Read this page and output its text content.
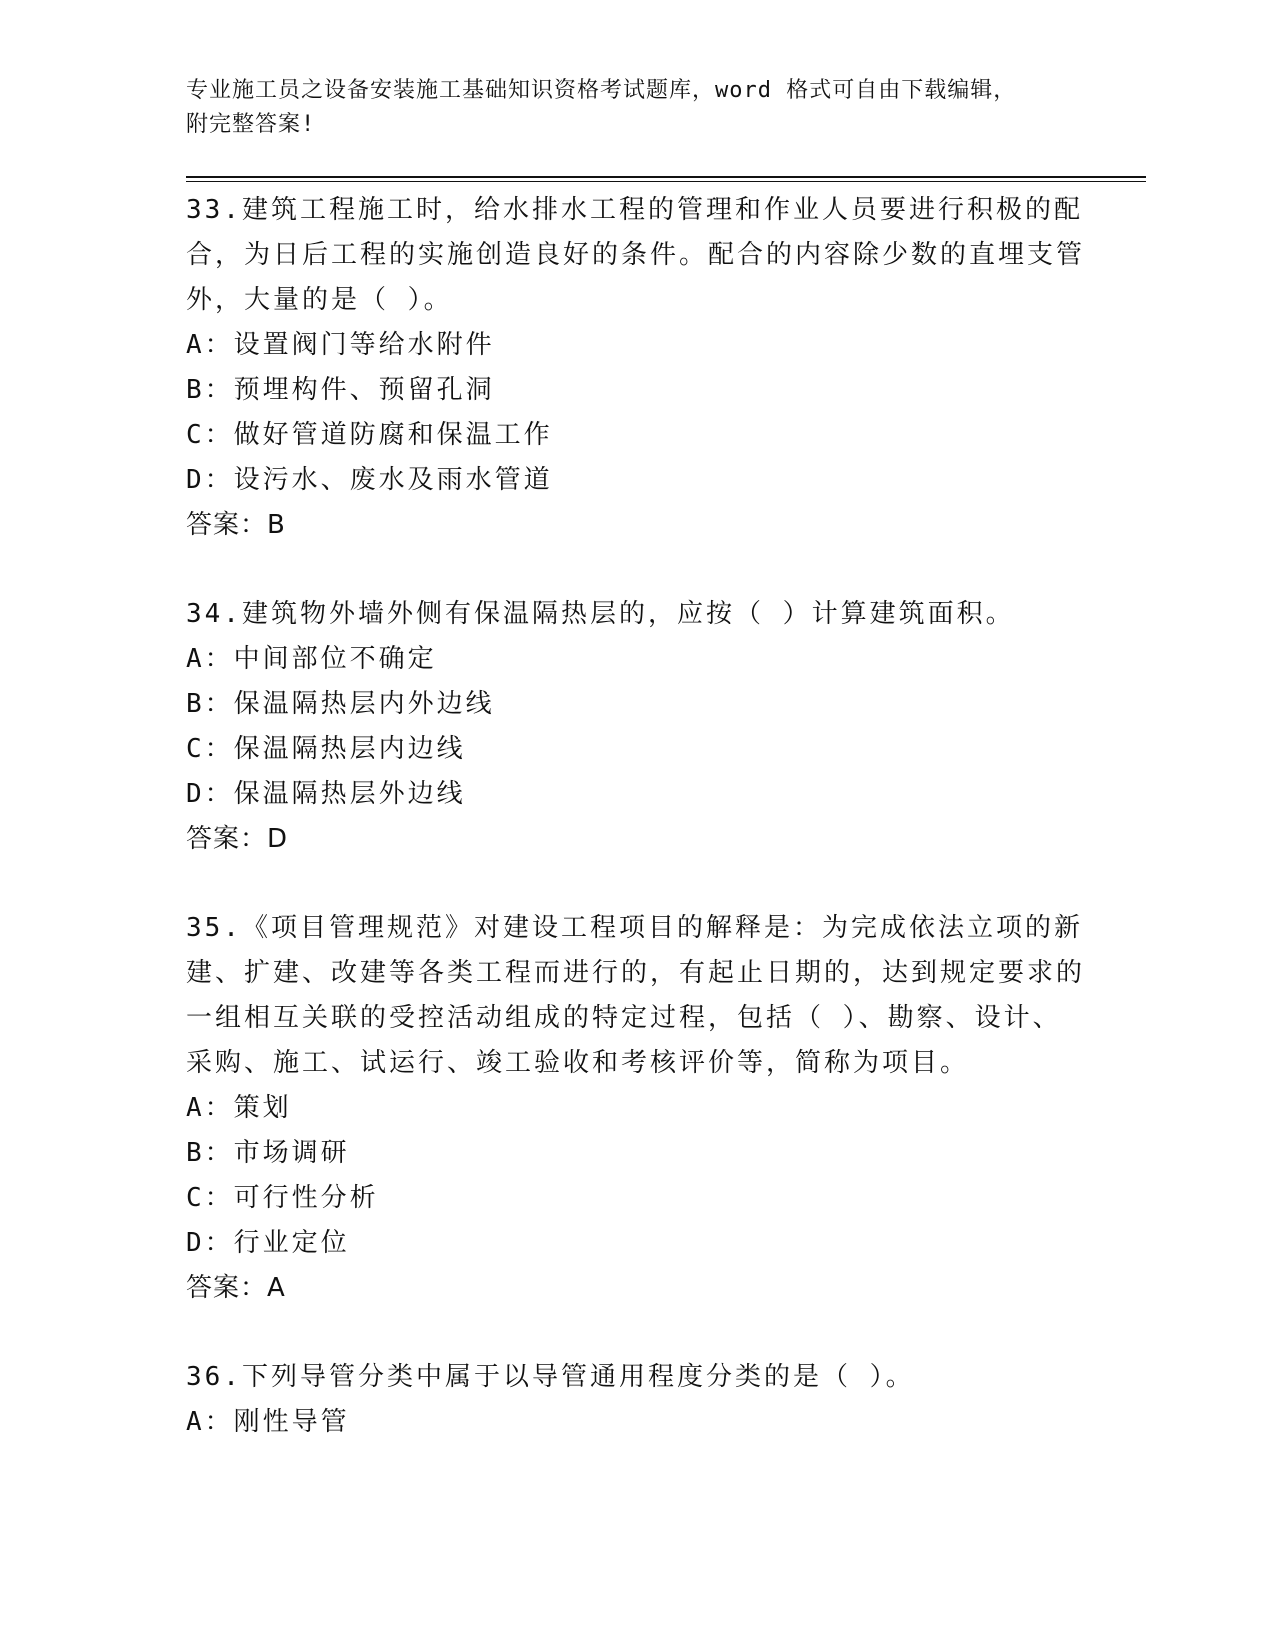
专业施工员之设备安装施工基础知识资格考试题库，word 格式可自由下载编辑，
附完整答案!
33.建筑工程施工时，给水排水工程的管理和作业人员要进行积极的配合，为日后工程的实施创造良好的条件。配合的内容除少数的直埋支管外，大量的是（ ）。
A：设置阀门等给水附件
B：预埋构件、预留孔洞
C：做好管道防腐和保温工作
D：设污水、废水及雨水管道
答案：B
34.建筑物外墙外侧有保温隔热层的，应按（ ）计算建筑面积。
A：中间部位不确定
B：保温隔热层内外边线
C：保温隔热层内边线
D：保温隔热层外边线
答案：D
35.《项目管理规范》对建设工程项目的解释是：为完成依法立项的新建、扩建、改建等各类工程而进行的，有起止日期的，达到规定要求的一组相互关联的受控活动组成的特定过程，包括（ ）、勘察、设计、采购、施工、试运行、竣工验收和考核评价等，简称为项目。
A：策划
B：市场调研
C：可行性分析
D：行业定位
答案：A
36.下列导管分类中属于以导管通用程度分类的是（ ）。
A：刚性导管
